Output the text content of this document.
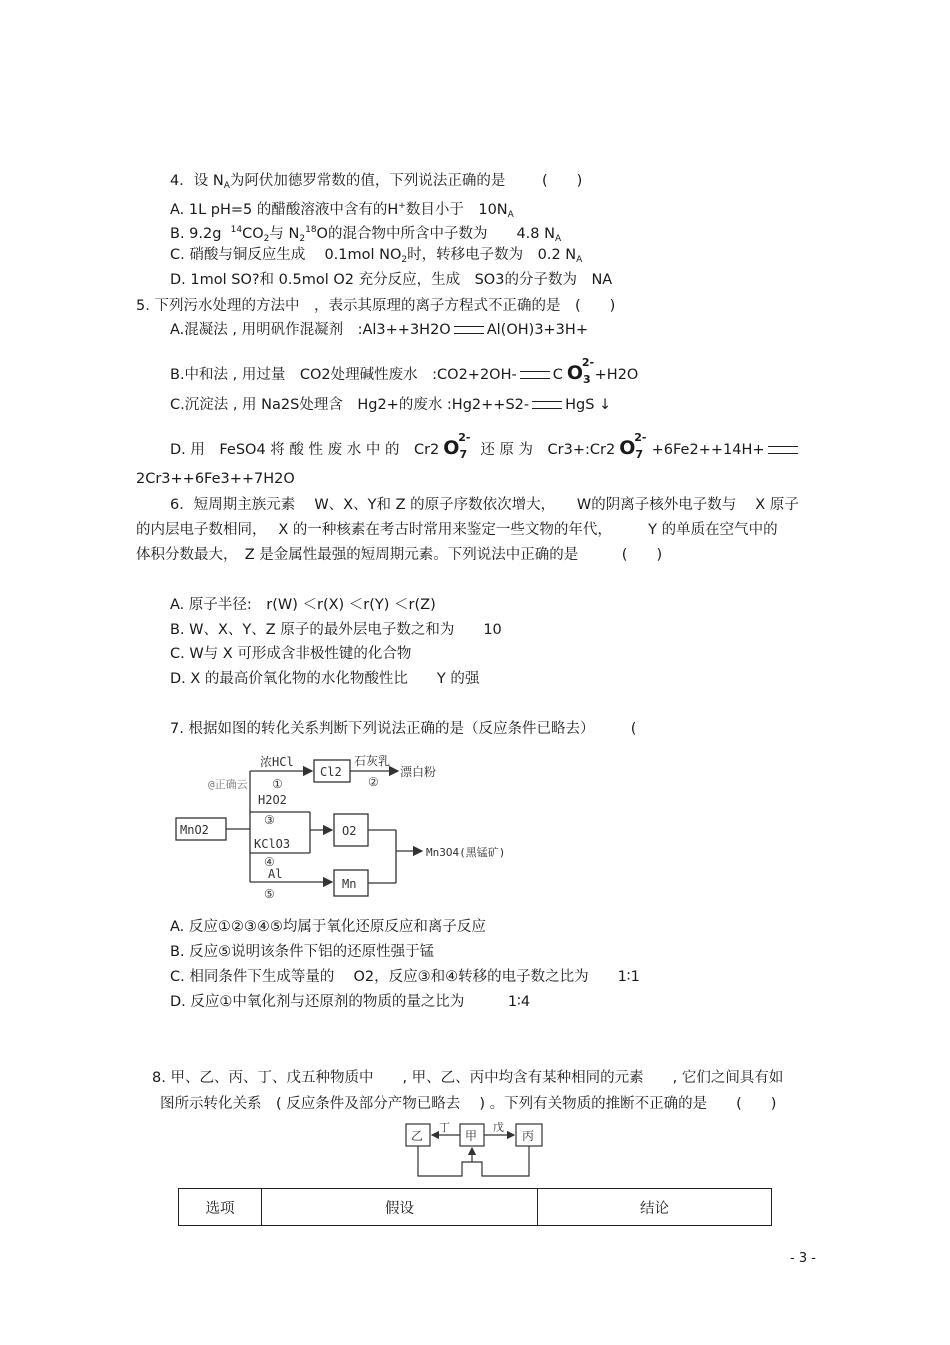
4．设 $N_A$为阿伏加德罗常数的值，下列说法正确的是	(　　)
A. 1L pH=5 的醋酸溶液中含有的H+数目小于　$10N_A$
B. 9.2g $^{14}CO_2$与 $N_2^{18}O$的混合物中所含中子数为　　4.8 $N_A$
C. 硝酸与铜反应生成　 0.1mol $NO_2$时，转移电子数为　0.2 $N_A$
D. 1mol SO?和 0.5mol O2 充分反应，生成　SO3的分子数为　NA
5. 下列污水处理的方法中　，表示其原理的离子方程式不正确的是　(　　)
A.混凝法 , 用明矾作混凝剂　:Al3++3H2O Al(OH)3+3H+
B.中和法 , 用过量　CO2处理碱性废水　:CO2+2OH- C O
2-
$_3$ +H2O
C.沉淀法 , 用 Na2S处理含　Hg2+的废水 :Hg2++S2- HgS ↓
D. 用　FeSO4 将 酸 性 废 水 中 的　Cr2 O
2-
$_7$ 还 原 为　Cr3+:Cr2 O
2-
$_7$ +6Fe2++14H+
2Cr3++6Fe3++7H2O
6．短周期主族元素　 W、X、Y和 Z 的原子序数依次增大，　　W的阴离子核外电子数与　 X 原子
的内层电子数相同，　 X 的一种核素在考古时常用来鉴定一些文物的年代，　　　Y 的单质在空气中的
体积分数最大，　Z 是金属性最强的短周期元素。下列说法中正确的是　　　(　　)
A. 原子半径:　r(W) ＜r(X) ＜r(Y) ＜r(Z)
B. W、X、Y、Z 原子的最外层电子数之和为　　10
C. W与 X 可形成含非极性键的化合物
D. X 的最高价氧化物的水化物酸性比　　Y 的强
7. 根据如图的转化关系判断下列说法正确的是（反应条件已略去）　　　(
@正确云
MnO2
浓HCl
①
Cl2
石灰乳
②
漂白粉
H2O2
③
KClO3
④
O2
Al
⑤
Mn
Mn3O4(黑锰矿)
A. 反应①②③④⑤均属于氧化还原反应和离子反应
B. 反应⑤说明该条件下铝的还原性强于锰
C. 相同条件下生成等量的　 O2，反应③和④转移的电子数之比为　　1∶1
D. 反应①中氧化剂与还原剂的物质的量之比为　　　1∶4
8. 甲、乙、丙、丁、戊五种物质中　　, 甲、乙、丙中均含有某种相同的元素　　, 它们之间具有如
图所示转化关系　( 反应条件及部分产物已略去　 ) 。下列有关物质的推断不正确的是　　(　　)
乙
丁
甲
戊
丙
选项	假设	结论
- 3 -
